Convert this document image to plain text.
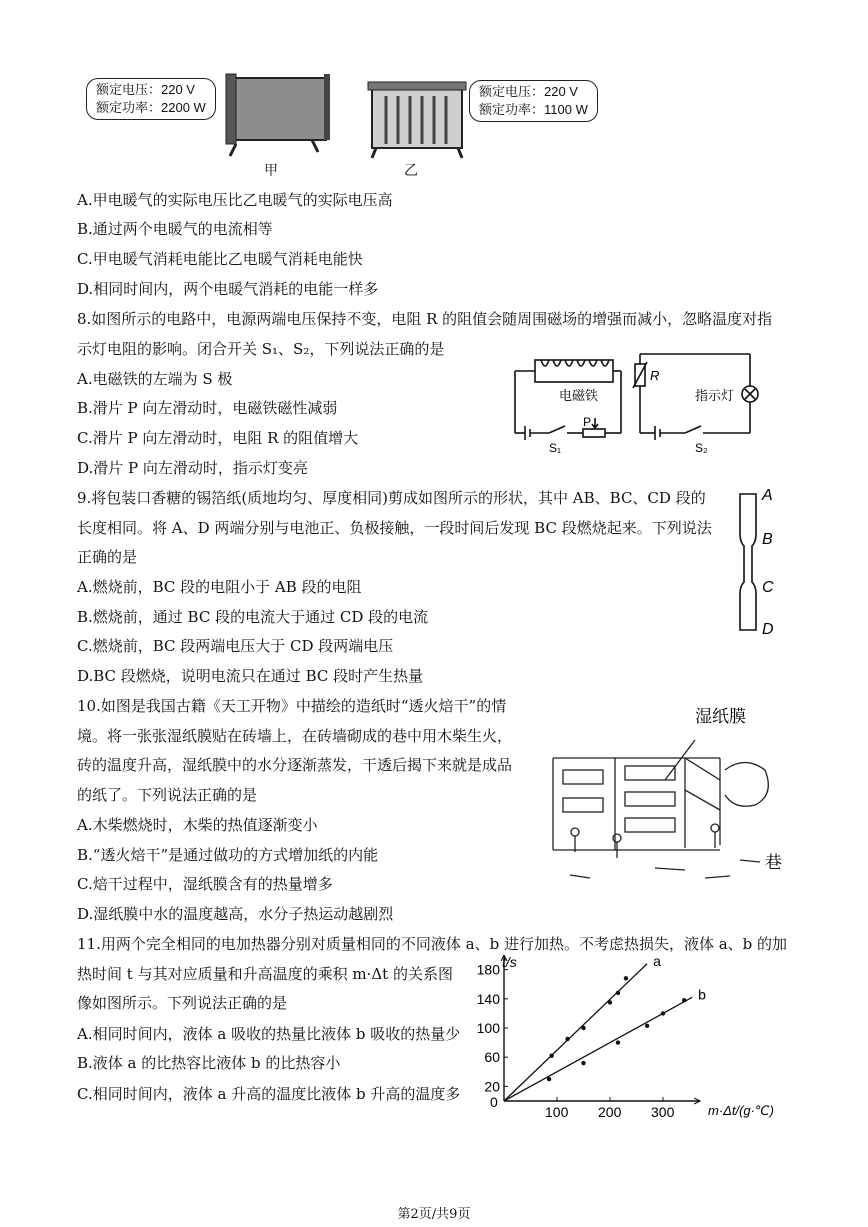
额定电压：220 V
额定功率：2200 W
甲	乙
额定电压：220 V
额定功率：1100 W
A.甲电暖气的实际电压比乙电暖气的实际电压高
B.通过两个电暖气的电流相等
C.甲电暖气消耗电能比乙电暖气消耗电能快
D.相同时间内，两个电暖气消耗的电能一样多
8.如图所示的电路中，电源两端电压保持不变，电阻 R 的阻值会随周围磁场的增强而减小，忽略温度对指
示灯电阻的影响。闭合开关 S₁、S₂，下列说法正确的是
A.电磁铁的左端为 S 极
B.滑片 P 向左滑动时，电磁铁磁性减弱
C.滑片 P 向左滑动时，电阻 R 的阻值增大
D.滑片 P 向左滑动时，指示灯变亮
电磁铁	指示灯
R
P
S₁	S₂
9.将包装口香糖的锡箔纸(质地均匀、厚度相同)剪成如图所示的形状，其中 AB、BC、CD 段的
长度相同。将 A、D 两端分别与电池正、负极接触，一段时间后发现 BC 段燃烧起来。下列说法
正确的是
A.燃烧前，BC 段的电阻小于 AB 段的电阻
B.燃烧前，通过 BC 段的电流大于通过 CD 段的电流
C.燃烧前，BC 段两端电压大于 CD 段两端电压
D.BC 段燃烧，说明电流只在通过 BC 段时产生热量
A
B
C
D
10.如图是我国古籍《天工开物》中描绘的造纸时“透火焙干”的情
境。将一张张湿纸膜贴在砖墙上，在砖墙砌成的巷中用木柴生火，
砖的温度升高，湿纸膜中的水分逐渐蒸发，干透后揭下来就是成品
的纸了。下列说法正确的是
A.木柴燃烧时，木柴的热值逐渐变小
B.“透火焙干”是通过做功的方式增加纸的内能
C.焙干过程中，湿纸膜含有的热量增多
D.湿纸膜中水的温度越高，水分子热运动越剧烈
湿纸膜
巷
11.用两个完全相同的电加热器分别对质量相同的不同液体 a、b 进行加热。不考虑热损失，液体 a、b 的加
热时间 t 与其对应质量和升高温度的乘积 m·Δt 的关系图
像如图所示。下列说法正确的是
A.相同时间内，液体 a 吸收的热量比液体 b 吸收的热量少
B.液体 a 的比热容比液体 b 的比热容小
C.相同时间内，液体 a 升高的温度比液体 b 升高的温度多
100 200 300
20
60
100
140
180
a
b
t/s
m·Δt/(g·℃)
0
第2页/共9页
